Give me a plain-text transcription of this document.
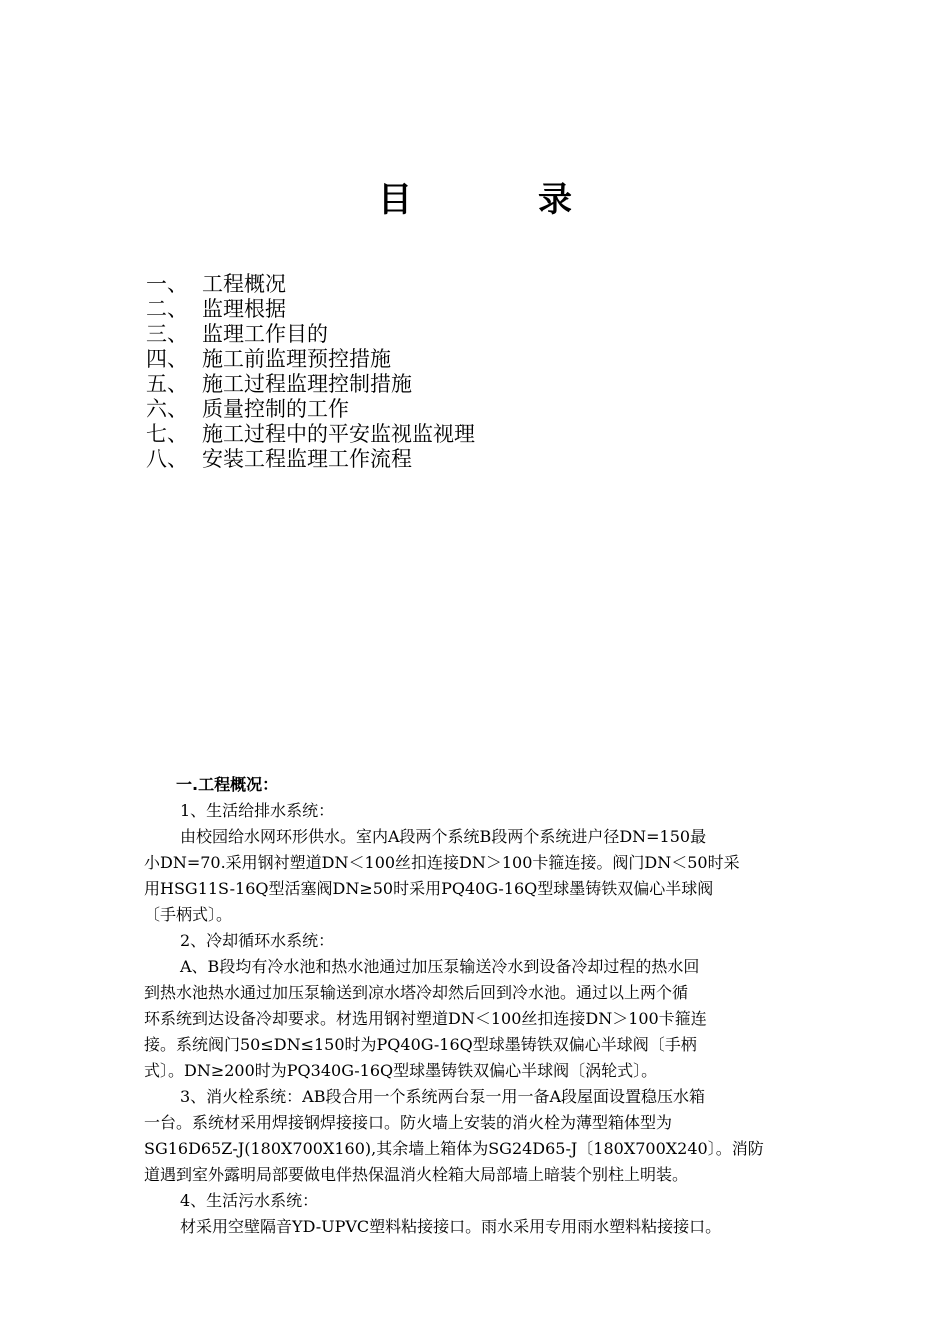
目　录
一、 工程概况
二、 监理根据
三、 监理工作目的
四、 施工前监理预控措施
五、 施工过程监理控制措施
六、 质量控制的工作
七、 施工过程中的平安监视监视理
八、 安装工程监理工作流程

一.工程概况：

1、生活给排水系统：

由校园给水网环形供水。室内A段两个系统B段两个系统进户径DN=150最
小DN=70.采用钢衬塑道DN＜100丝扣连接DN＞100卡箍连接。阀门DN＜50时采
用HSG11S-16Q型活塞阀DN≥50时采用PQ40G-16Q型球墨铸铁双偏心半球阀
〔手柄式〕。

2、冷却循环水系统：

A、B段均有冷水池和热水池通过加压泵输送冷水到设备冷却过程的热水回
到热水池热水通过加压泵输送到凉水塔冷却然后回到冷水池。通过以上两个循
环系统到达设备冷却要求。材选用钢衬塑道DN＜100丝扣连接DN＞100卡箍连
接。系统阀门50≤DN≤150时为PQ40G-16Q型球墨铸铁双偏心半球阀〔手柄
式〕。DN≥200时为PQ340G-16Q型球墨铸铁双偏心半球阀〔涡轮式〕。

3、消火栓系统：AB段合用一个系统两台泵一用一备A段屋面设置稳压水箱

一台。系统材采用焊接钢焊接接口。防火墙上安装的消火栓为薄型箱体型为
SG16D65Z-J(180X700X160),其余墙上箱体为SG24D65-J〔180X700X240〕。消防
道遇到室外露明局部要做电伴热保温消火栓箱大局部墙上暗装个别柱上明装。

4、生活污水系统：

材采用空壁隔音YD-UPVC塑料粘接接口。雨水采用专用雨水塑料粘接接口。
